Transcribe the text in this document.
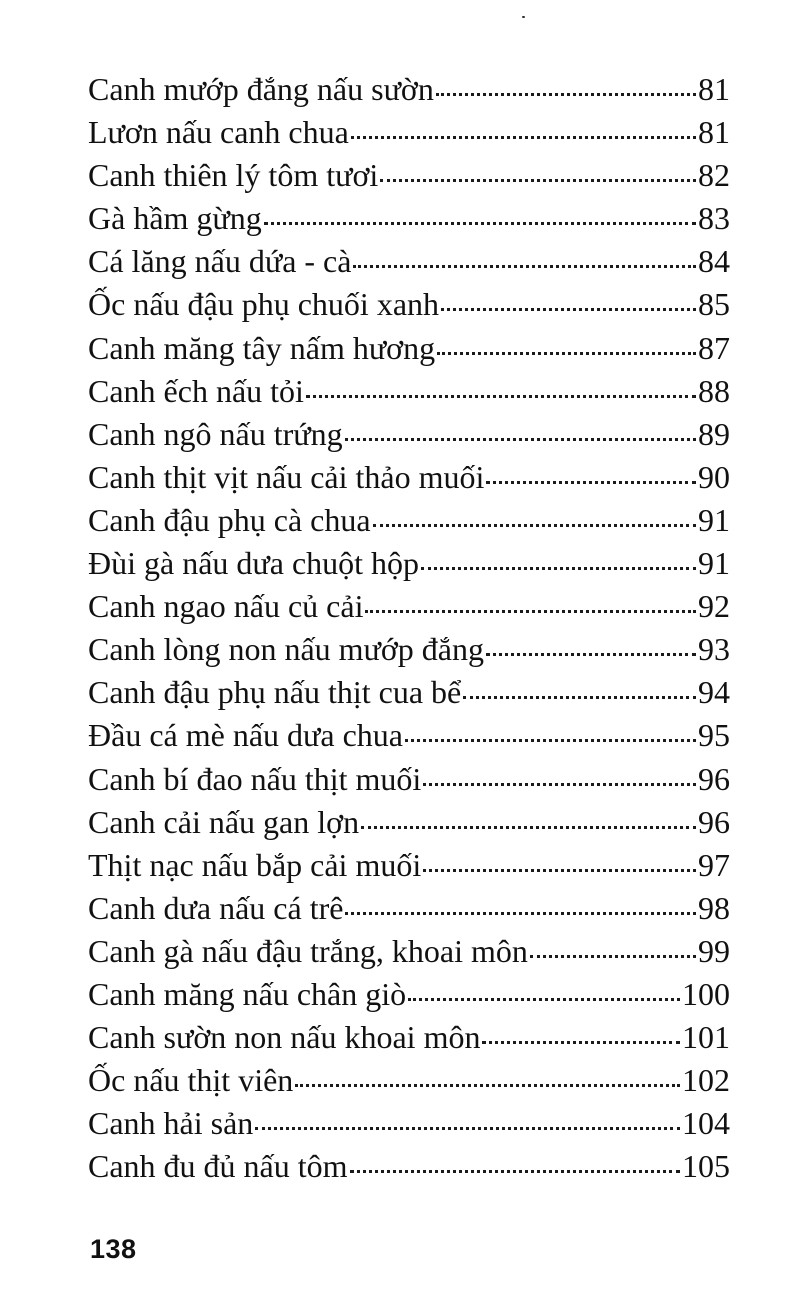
Canh mướp đắng nấu sườn	81
Lươn nấu canh chua	81
Canh thiên lý tôm tươi	82
Gà hầm gừng	83
Cá lăng nấu dứa - cà	84
Ốc nấu đậu phụ chuối xanh	85
Canh măng tây nấm hương	87
Canh ếch nấu tỏi	88
Canh ngô nấu trứng	89
Canh thịt vịt nấu cải thảo muối	90
Canh đậu phụ cà chua	91
Đùi gà nấu dưa chuột hộp	91
Canh ngao nấu củ cải	92
Canh lòng non nấu mướp đắng	93
Canh đậu phụ nấu thịt cua bể	94
Đầu cá mè nấu dưa chua	95
Canh bí đao nấu thịt muối	96
Canh cải nấu gan lợn	96
Thịt nạc nấu bắp cải muối	97
Canh dưa nấu cá trê	98
Canh gà nấu đậu trắng, khoai môn	99
Canh măng nấu chân giò	100
Canh sườn non nấu khoai môn	101
Ốc nấu thịt viên	102
Canh hải sản	104
Canh đu đủ nấu tôm	105
138
